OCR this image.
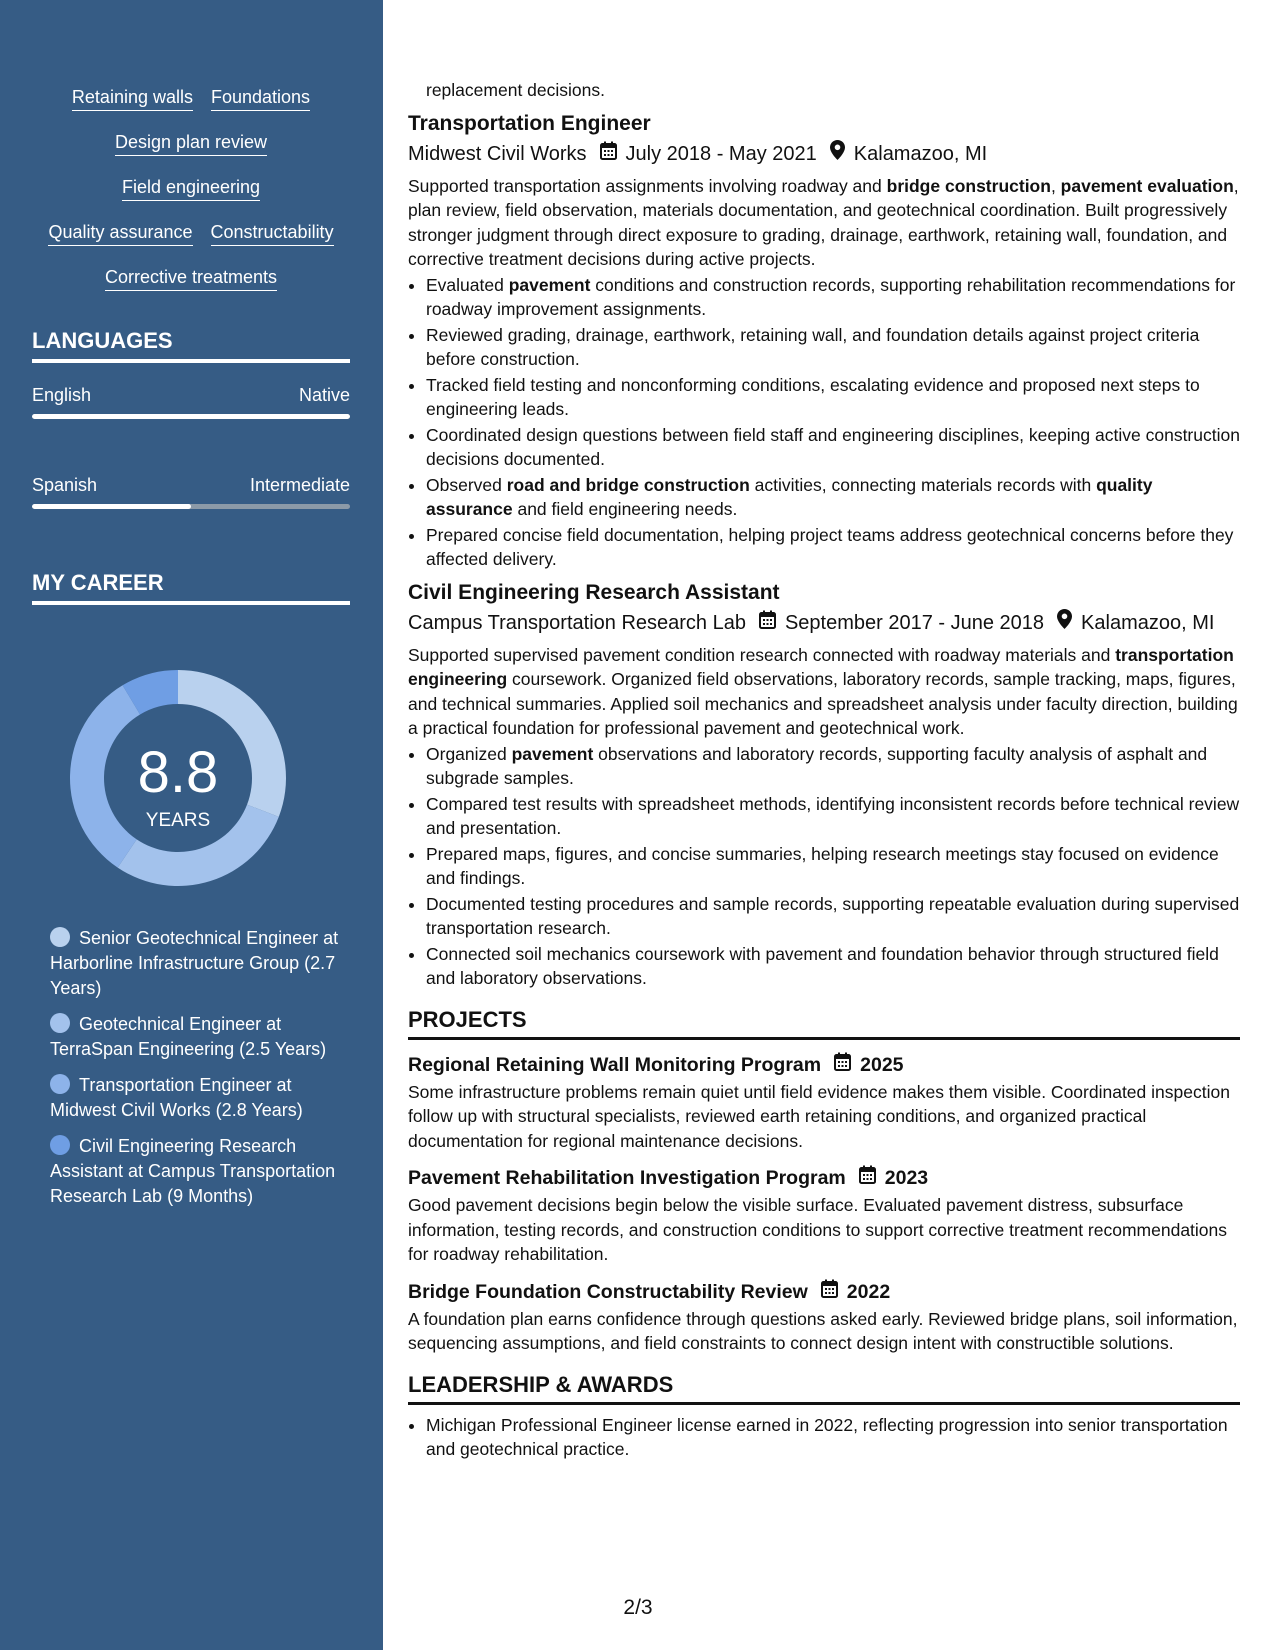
Retaining walls Foundations
Design plan review
Field engineering
Quality assurance Constructability
Corrective treatments
LANGUAGES
English	Native
Spanish	Intermediate
MY CAREER
8.8
YEARS
Senior Geotechnical Engineer at Harborline Infrastructure Group (2.7 Years)
Geotechnical Engineer at TerraSpan Engineering (2.5 Years)
Transportation Engineer at Midwest Civil Works (2.8 Years)
Civil Engineering Research Assistant at Campus Transportation Research Lab (9 Months)
replacement decisions.
Transportation Engineer
Midwest Civil Works July 2018 - May 2021 Kalamazoo, MI
Supported transportation assignments involving roadway and bridge construction, pavement evaluation, plan review, field observation, materials documentation, and geotechnical coordination. Built progressively stronger judgment through direct exposure to grading, drainage, earthwork, retaining wall, foundation, and corrective treatment decisions during active projects.
• Evaluated pavement conditions and construction records, supporting rehabilitation recommendations for roadway improvement assignments.
• Reviewed grading, drainage, earthwork, retaining wall, and foundation details against project criteria before construction.
• Tracked field testing and nonconforming conditions, escalating evidence and proposed next steps to engineering leads.
• Coordinated design questions between field staff and engineering disciplines, keeping active construction decisions documented.
• Observed road and bridge construction activities, connecting materials records with quality assurance and field engineering needs.
• Prepared concise field documentation, helping project teams address geotechnical concerns before they affected delivery.
Civil Engineering Research Assistant
Campus Transportation Research Lab September 2017 - June 2018 Kalamazoo, MI
Supported supervised pavement condition research connected with roadway materials and transportation engineering coursework. Organized field observations, laboratory records, sample tracking, maps, figures, and technical summaries. Applied soil mechanics and spreadsheet analysis under faculty direction, building a practical foundation for professional pavement and geotechnical work.
• Organized pavement observations and laboratory records, supporting faculty analysis of asphalt and subgrade samples.
• Compared test results with spreadsheet methods, identifying inconsistent records before technical review and presentation.
• Prepared maps, figures, and concise summaries, helping research meetings stay focused on evidence and findings.
• Documented testing procedures and sample records, supporting repeatable evaluation during supervised transportation research.
• Connected soil mechanics coursework with pavement and foundation behavior through structured field and laboratory observations.
PROJECTS
Regional Retaining Wall Monitoring Program 2025
Some infrastructure problems remain quiet until field evidence makes them visible. Coordinated inspection follow up with structural specialists, reviewed earth retaining conditions, and organized practical documentation for regional maintenance decisions.
Pavement Rehabilitation Investigation Program 2023
Good pavement decisions begin below the visible surface. Evaluated pavement distress, subsurface information, testing records, and construction conditions to support corrective treatment recommendations for roadway rehabilitation.
Bridge Foundation Constructability Review 2022
A foundation plan earns confidence through questions asked early. Reviewed bridge plans, soil information, sequencing assumptions, and field constraints to connect design intent with constructible solutions.
LEADERSHIP & AWARDS
• Michigan Professional Engineer license earned in 2022, reflecting progression into senior transportation and geotechnical practice.
2/3
